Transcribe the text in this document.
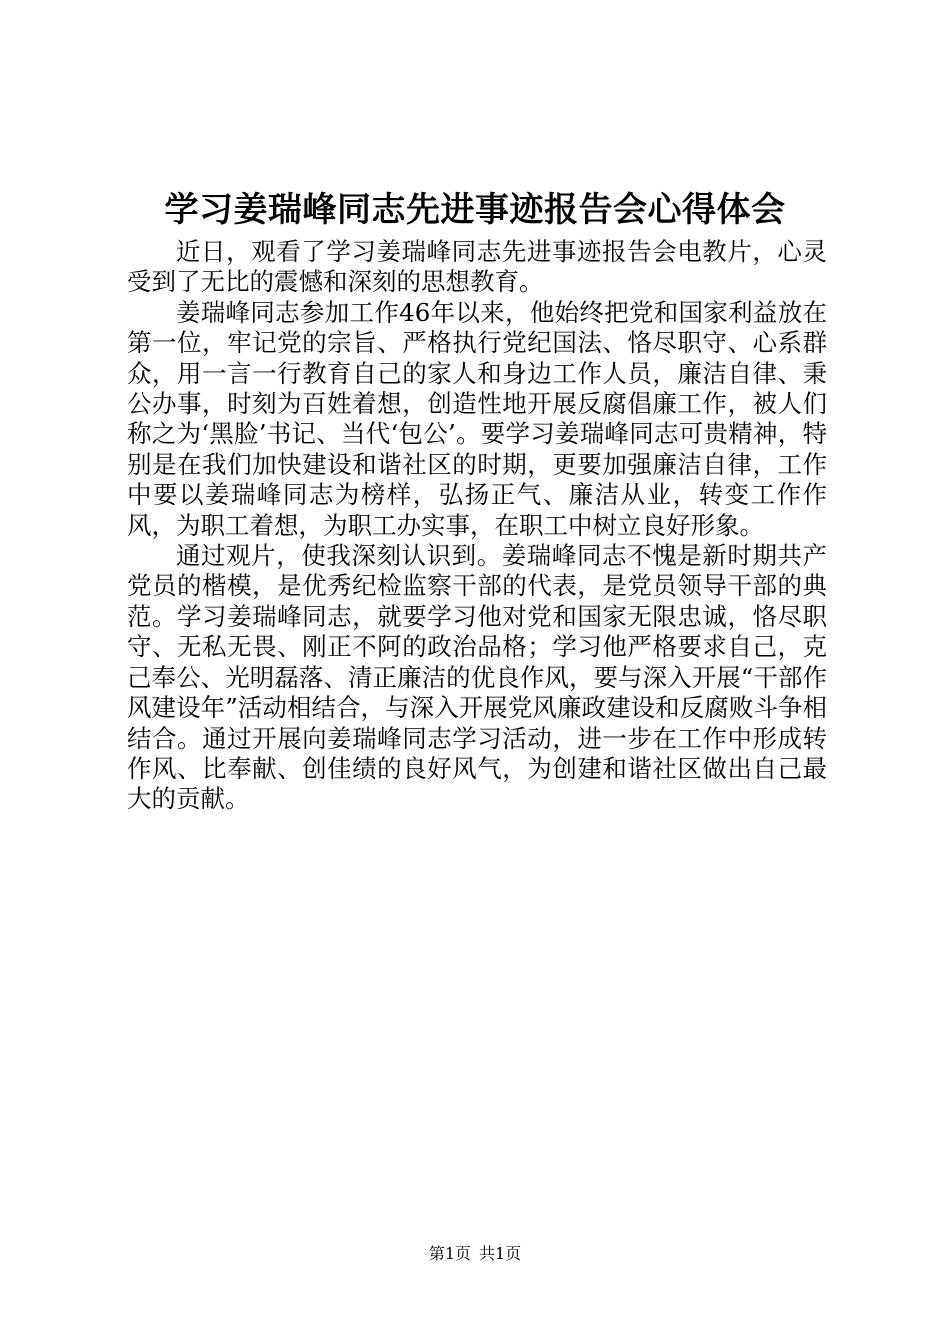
学习姜瑞峰同志先进事迹报告会心得体会

近日，观看了学习姜瑞峰同志先进事迹报告会电教片，心灵受到了无比的震憾和深刻的思想教育。

姜瑞峰同志参加工作46年以来，他始终把党和国家利益放在第一位，牢记党的宗旨、严格执行党纪国法、恪尽职守、心系群众，用一言一行教育自己的家人和身边工作人员，廉洁自律、秉公办事，时刻为百姓着想，创造性地开展反腐倡廉工作，被人们称之为‘黑脸’书记、当代‘包公’。要学习姜瑞峰同志可贵精神，特别是在我们加快建设和谐社区的时期，更要加强廉洁自律，工作中要以姜瑞峰同志为榜样，弘扬正气、廉洁从业，转变工作作风，为职工着想，为职工办实事，在职工中树立良好形象。

通过观片，使我深刻认识到。姜瑞峰同志不愧是新时期共产党员的楷模，是优秀纪检监察干部的代表，是党员领导干部的典范。学习姜瑞峰同志，就要学习他对党和国家无限忠诚，恪尽职守、无私无畏、刚正不阿的政治品格；学习他严格要求自己，克己奉公、光明磊落、清正廉洁的优良作风，要与深入开展“干部作风建设年”活动相结合，与深入开展党风廉政建设和反腐败斗争相结合。通过开展向姜瑞峰同志学习活动，进一步在工作中形成转作风、比奉献、创佳绩的良好风气，为创建和谐社区做出自己最大的贡献。

第1页 共1页
